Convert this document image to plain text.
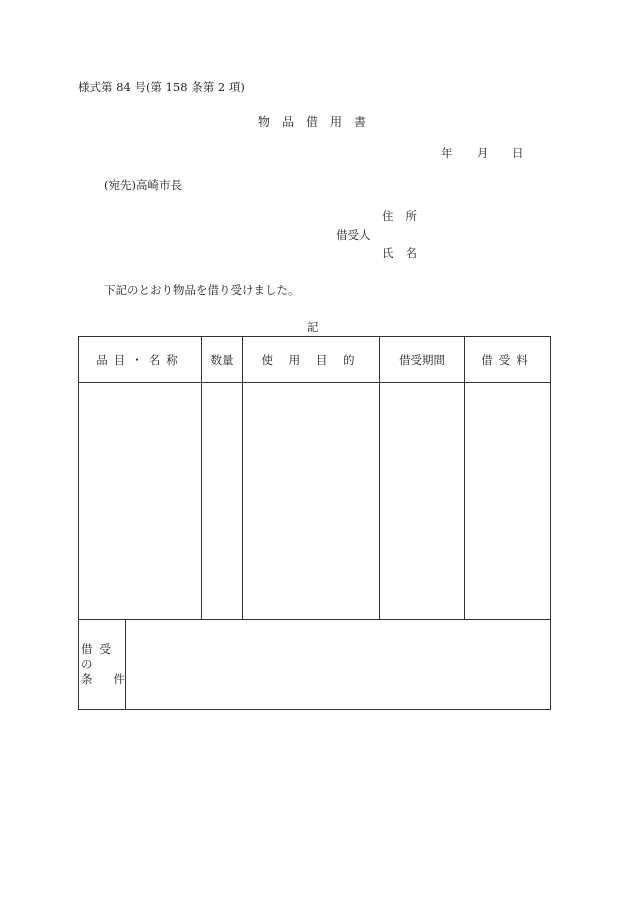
様式第 84 号(第 158 条第 2 項)
物品借用書
年 月 日
(宛先)高崎市長
住所
借受人
氏名
下記のとおり物品を借り受けました。
記
品目・名称	数量	使 用 目 的	借受期間	借受料

借受の
条 件
